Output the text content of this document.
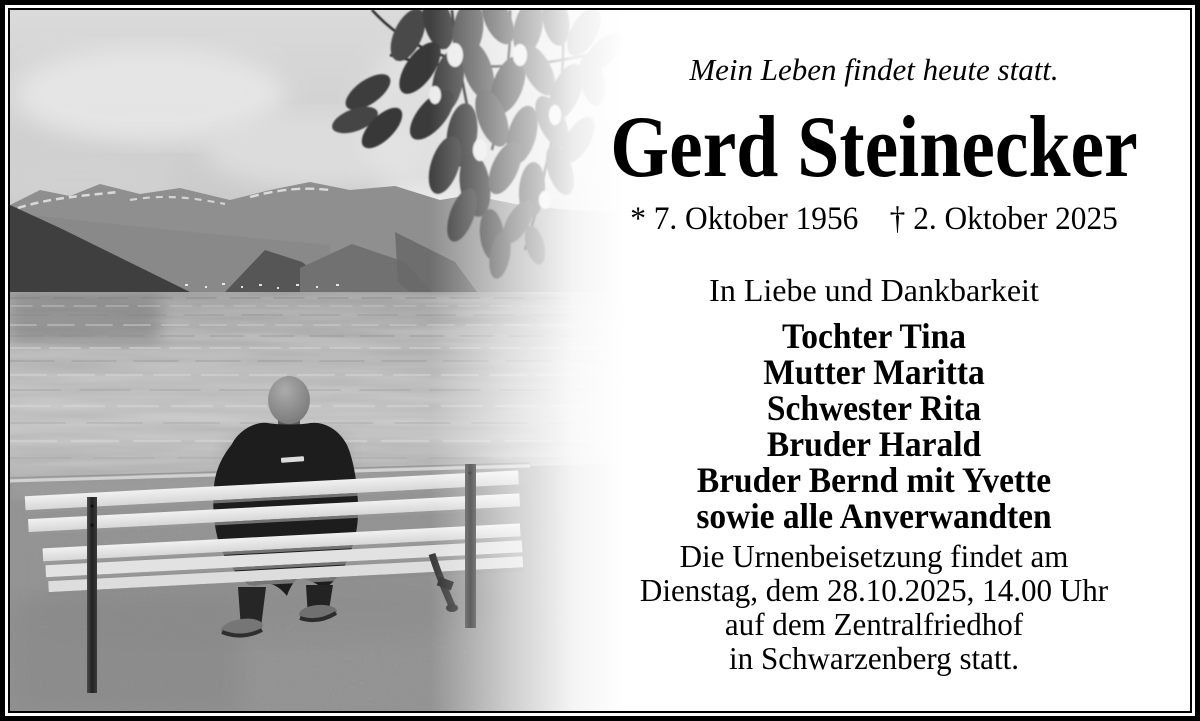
Mein Leben findet heute statt.
Gerd Steinecker
* 7. Oktober 1956 † 2. Oktober 2025
In Liebe und Dankbarkeit
Tochter Tina
Mutter Maritta
Schwester Rita
Bruder Harald
Bruder Bernd mit Yvette
sowie alle Anverwandten
Die Urnenbeisetzung findet am
Dienstag, dem 28.10.2025, 14.00 Uhr
auf dem Zentralfriedhof
in Schwarzenberg statt.
